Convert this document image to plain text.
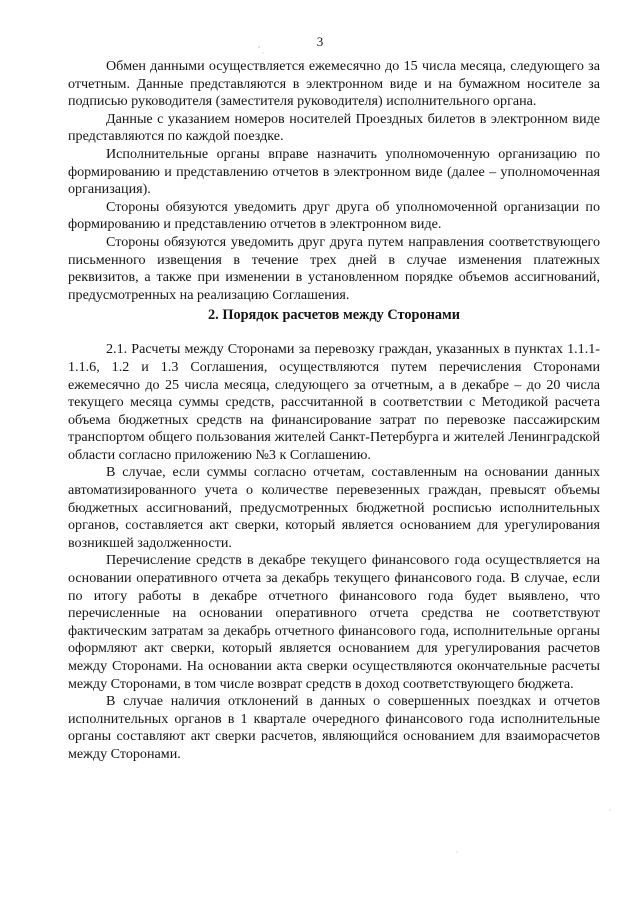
3

Обмен данными осуществляется ежемесячно до 15 числа месяца, следующего за отчетным. Данные представляются в электронном виде и на бумажном носителе за подписью руководителя (заместителя руководителя) исполнительного органа.

Данные с указанием номеров носителей Проездных билетов в электронном виде представляются по каждой поездке.

Исполнительные органы вправе назначить уполномоченную организацию по формированию и представлению отчетов в электронном виде (далее – уполномоченная организация).

Стороны обязуются уведомить друг друга об уполномоченной организации по формированию и представлению отчетов в электронном виде.

Стороны обязуются уведомить друг друга путем направления соответствующего письменного извещения в течение трех дней в случае изменения платежных реквизитов, а также при изменении в установленном порядке объемов ассигнований, предусмотренных на реализацию Соглашения.

2. Порядок расчетов между Сторонами

2.1. Расчеты между Сторонами за перевозку граждан, указанных в пунктах 1.1.1-1.1.6, 1.2 и 1.3 Соглашения, осуществляются путем перечисления Сторонами ежемесячно до 25 числа месяца, следующего за отчетным, а в декабре – до 20 числа текущего месяца суммы средств, рассчитанной в соответствии с Методикой расчета объема бюджетных средств на финансирование затрат по перевозке пассажирским транспортом общего пользования жителей Санкт-Петербурга и жителей Ленинградской области согласно приложению №3 к Соглашению.

В случае, если суммы согласно отчетам, составленным на основании данных автоматизированного учета о количестве перевезенных граждан, превысят объемы бюджетных ассигнований, предусмотренных бюджетной росписью исполнительных органов, составляется акт сверки, который является основанием для урегулирования возникшей задолженности.

Перечисление средств в декабре текущего финансового года осуществляется на основании оперативного отчета за декабрь текущего финансового года. В случае, если по итогу работы в декабре отчетного финансового года будет выявлено, что перечисленные на основании оперативного отчета средства не соответствуют фактическим затратам за декабрь отчетного финансового года, исполнительные органы оформляют акт сверки, который является основанием для урегулирования расчетов между Сторонами. На основании акта сверки осуществляются окончательные расчеты между Сторонами, в том числе возврат средств в доход соответствующего бюджета.

В случае наличия отклонений в данных о совершенных поездках и отчетов исполнительных органов в 1 квартале очередного финансового года исполнительные органы составляют акт сверки расчетов, являющийся основанием для взаиморасчетов между Сторонами.
